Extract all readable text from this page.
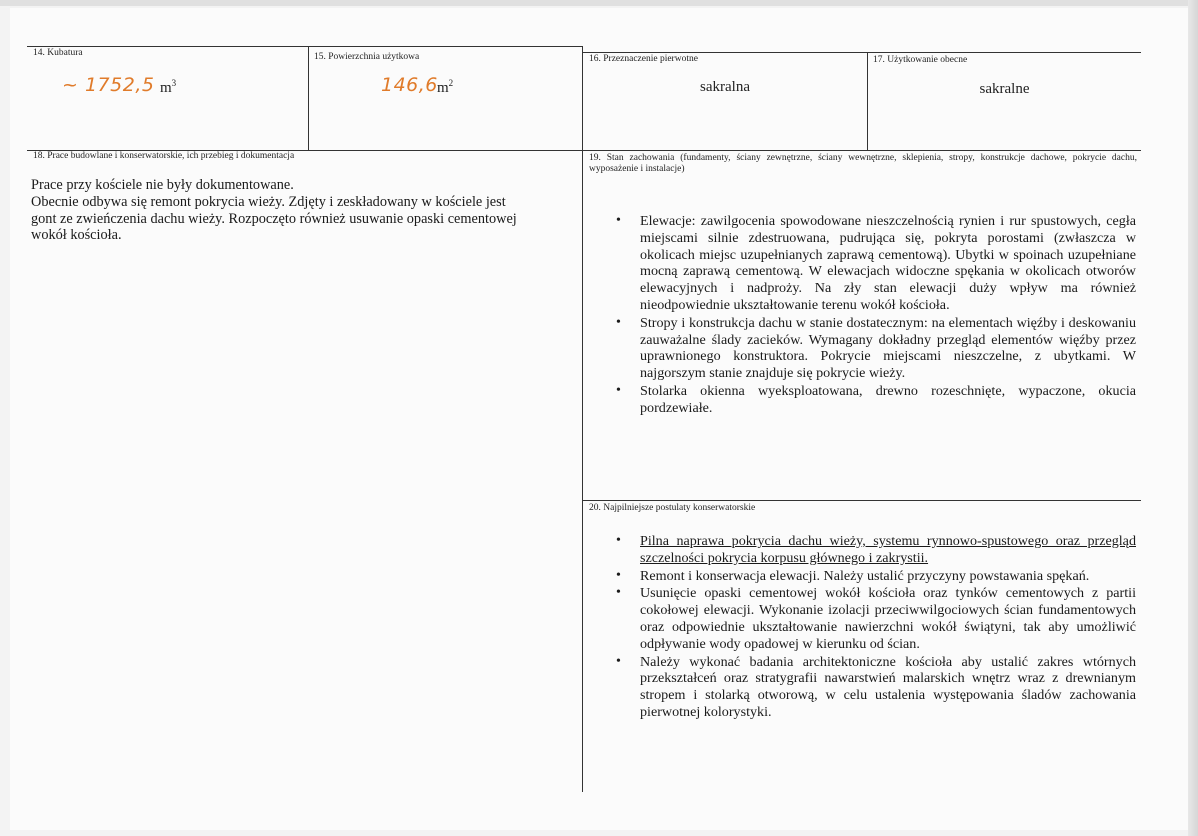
14. Kubatura
~ 1752,5 $m^3$
15. Powierzchnia użytkowa
146,6 $m^2$
16. Przeznaczenie pierwotne
sakralna
17. Użytkowanie obecne
sakralne
18. Prace budowlane i konserwatorskie, ich przebieg i dokumentacja
Prace przy kościele nie były dokumentowane.
Obecnie odbywa się remont pokrycia wieży. Zdjęty i zeskładowany w kościele jest
gont ze zwieńczenia dachu wieży. Rozpoczęto również usuwanie opaski cementowej
wokół kościoła.
19. Stan zachowania (fundamenty, ściany zewnętrzne, ściany wewnętrzne, sklepienia, stropy, konstrukcje dachowe, pokrycie dachu, wyposażenie i instalacje)
• Elewacje: zawilgocenia spowodowane nieszczelnością rynien i rur spustowych, cegła miejscami silnie zdestruowana, pudrująca się, pokryta porostami (zwłaszcza w okolicach miejsc uzupełnianych zaprawą cementową). Ubytki w spoinach uzupełniane mocną zaprawą cementową. W elewacjach widoczne spękania w okolicach otworów elewacyjnych i nadproży. Na zły stan elewacji duży wpływ ma również nieodpowiednie ukształtowanie terenu wokół kościoła.
• Stropy i konstrukcja dachu w stanie dostatecznym: na elementach więźby i deskowaniu zauważalne ślady zacieków. Wymagany dokładny przegląd elementów więźby przez uprawnionego konstruktora. Pokrycie miejscami nieszczelne, z ubytkami. W najgorszym stanie znajduje się pokrycie wieży.
• Stolarka okienna wyeksploatowana, drewno rozeschnięte, wypaczone, okucia pordzewiałe.
20. Najpilniejsze postulaty konserwatorskie
• Pilna naprawa pokrycia dachu wieży, systemu rynnowo-spustowego oraz przegląd szczelności pokrycia korpusu głównego i zakrystii.
• Remont i konserwacja elewacji. Należy ustalić przyczyny powstawania spękań.
• Usunięcie opaski cementowej wokół kościoła oraz tynków cementowych z partii cokołowej elewacji. Wykonanie izolacji przeciwwilgociowych ścian fundamentowych oraz odpowiednie ukształtowanie nawierzchni wokół świątyni, tak aby umożliwić odpływanie wody opadowej w kierunku od ścian.
• Należy wykonać badania architektoniczne kościoła aby ustalić zakres wtórnych przekształceń oraz stratygrafii nawarstwień malarskich wnętrz wraz z drewnianym stropem i stolarką otworową, w celu ustalenia występowania śladów zachowania pierwotnej kolorystyki.
